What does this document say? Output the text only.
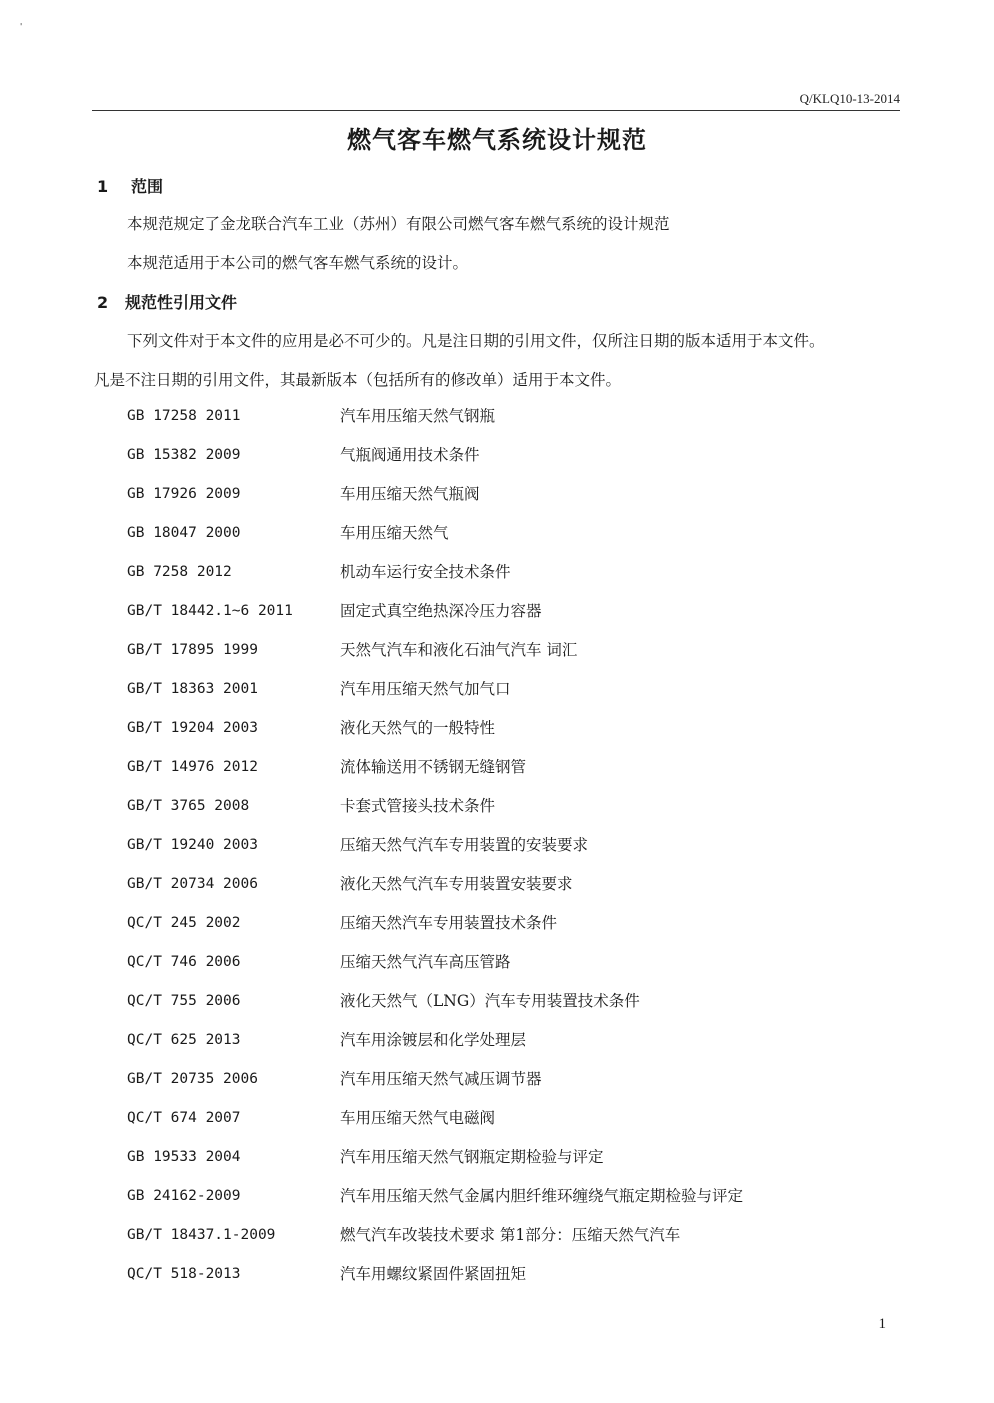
'
Q/KLQ10-13-2014
燃气客车燃气系统设计规范
1 范围
本规范规定了金龙联合汽车工业（苏州）有限公司燃气客车燃气系统的设计规范
本规范适用于本公司的燃气客车燃气系统的设计。
2 规范性引用文件
下列文件对于本文件的应用是必不可少的。凡是注日期的引用文件，仅所注日期的版本适用于本文件。
凡是不注日期的引用文件，其最新版本（包括所有的修改单）适用于本文件。
GB 17258 2011	汽车用压缩天然气钢瓶
GB 15382 2009	气瓶阀通用技术条件
GB 17926 2009	车用压缩天然气瓶阀
GB 18047 2000	车用压缩天然气
GB 7258 2012	机动车运行安全技术条件
GB/T 18442.1~6 2011	固定式真空绝热深冷压力容器
GB/T 17895 1999	天然气汽车和液化石油气汽车 词汇
GB/T 18363 2001	汽车用压缩天然气加气口
GB/T 19204 2003	液化天然气的一般特性
GB/T 14976 2012	流体输送用不锈钢无缝钢管
GB/T 3765 2008	卡套式管接头技术条件
GB/T 19240 2003	压缩天然气汽车专用装置的安装要求
GB/T 20734 2006	液化天然气汽车专用装置安装要求
QC/T 245 2002	压缩天然汽车专用装置技术条件
QC/T 746 2006	压缩天然气汽车高压管路
QC/T 755 2006	液化天然气（LNG）汽车专用装置技术条件
QC/T 625 2013	汽车用涂镀层和化学处理层
GB/T 20735 2006	汽车用压缩天然气减压调节器
QC/T 674 2007	车用压缩天然气电磁阀
GB 19533 2004	汽车用压缩天然气钢瓶定期检验与评定
GB 24162-2009	汽车用压缩天然气金属内胆纤维环缠绕气瓶定期检验与评定
GB/T 18437.1-2009	燃气汽车改装技术要求 第1部分：压缩天然气汽车
QC/T 518-2013	汽车用螺纹紧固件紧固扭矩
1
